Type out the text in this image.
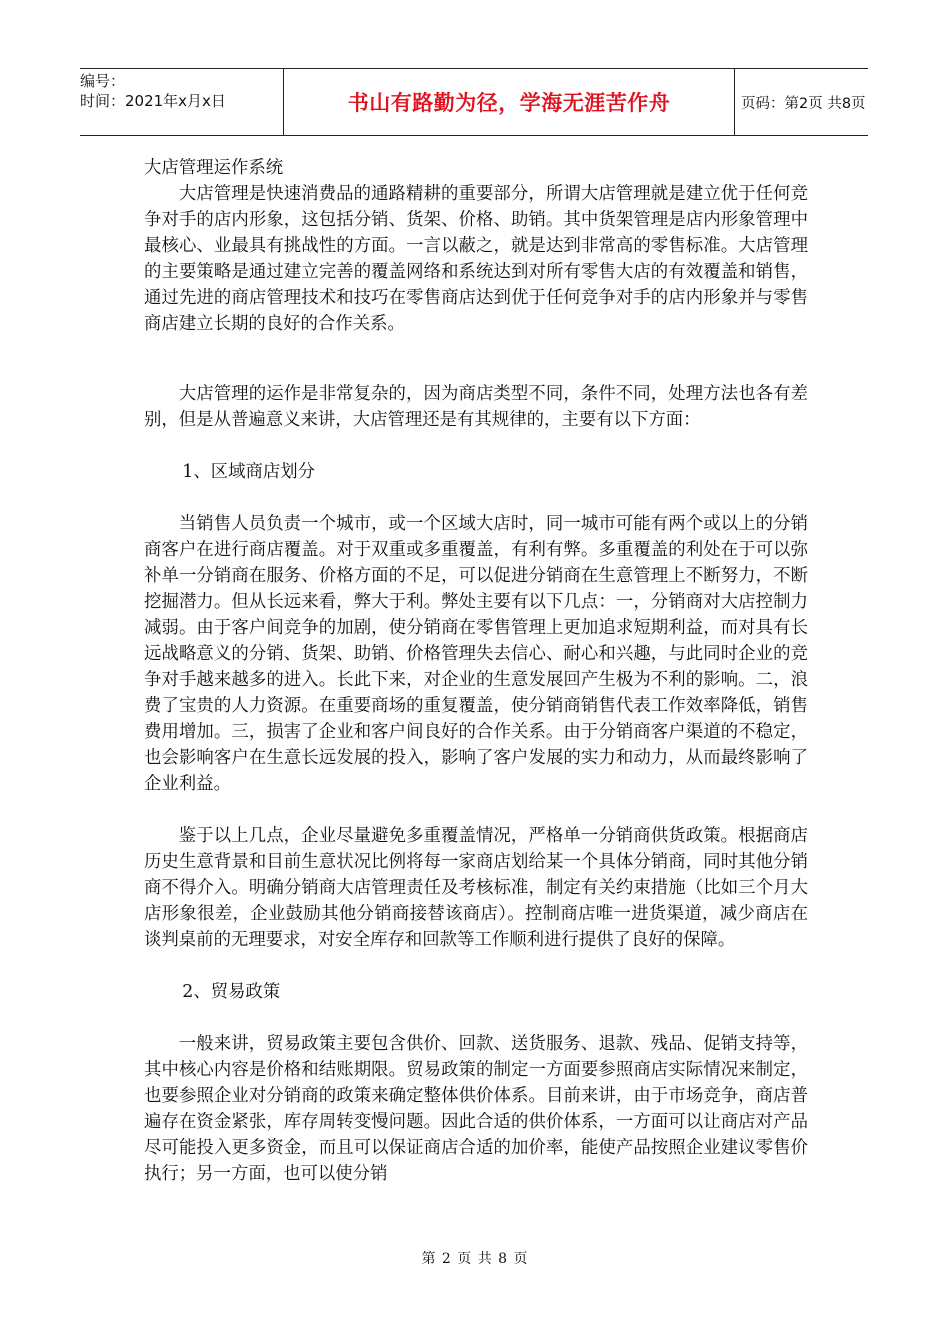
编号：
时间：2021年x月x日	书山有路勤为径，学海无涯苦作舟	页码：第2页 共8页

大店管理运作系统

大店管理是快速消费品的通路精耕的重要部分，所谓大店管理就是建立优于任何竞争对手的店内形象，这包括分销、货架、价格、助销。其中货架管理是店内形象管理中最核心、业最具有挑战性的方面。一言以蔽之，就是达到非常高的零售标准。大店管理的主要策略是通过建立完善的覆盖网络和系统达到对所有零售大店的有效覆盖和销售，通过先进的商店管理技术和技巧在零售商店达到优于任何竞争对手的店内形象并与零售商店建立长期的良好的合作关系。

大店管理的运作是非常复杂的，因为商店类型不同，条件不同，处理方法也各有差别，但是从普遍意义来讲，大店管理还是有其规律的，主要有以下方面：

1、区域商店划分

当销售人员负责一个城市，或一个区域大店时，同一城市可能有两个或以上的分销商客户在进行商店覆盖。对于双重或多重覆盖，有利有弊。多重覆盖的利处在于可以弥补单一分销商在服务、价格方面的不足，可以促进分销商在生意管理上不断努力，不断挖掘潜力。但从长远来看，弊大于利。弊处主要有以下几点：一，分销商对大店控制力减弱。由于客户间竞争的加剧，使分销商在零售管理上更加追求短期利益，而对具有长远战略意义的分销、货架、助销、价格管理失去信心、耐心和兴趣，与此同时企业的竞争对手越来越多的进入。长此下来，对企业的生意发展回产生极为不利的影响。二，浪费了宝贵的人力资源。在重要商场的重复覆盖，使分销商销售代表工作效率降低，销售费用增加。三，损害了企业和客户间良好的合作关系。由于分销商客户渠道的不稳定，也会影响客户在生意长远发展的投入，影响了客户发展的实力和动力，从而最终影响了企业利益。

鉴于以上几点，企业尽量避免多重覆盖情况，严格单一分销商供货政策。根据商店历史生意背景和目前生意状况比例将每一家商店划给某一个具体分销商，同时其他分销商不得介入。明确分销商大店管理责任及考核标准，制定有关约束措施（比如三个月大店形象很差，企业鼓励其他分销商接替该商店）。控制商店唯一进货渠道，减少商店在谈判桌前的无理要求，对安全库存和回款等工作顺利进行提供了良好的保障。

2、贸易政策

一般来讲，贸易政策主要包含供价、回款、送货服务、退款、残品、促销支持等，其中核心内容是价格和结账期限。贸易政策的制定一方面要参照商店实际情况来制定，也要参照企业对分销商的政策来确定整体供价体系。目前来讲，由于市场竞争，商店普遍存在资金紧张，库存周转变慢问题。因此合适的供价体系，一方面可以让商店对产品尽可能投入更多资金，而且可以保证商店合适的加价率，能使产品按照企业建议零售价执行；另一方面，也可以使分销

第 2 页 共 8 页
